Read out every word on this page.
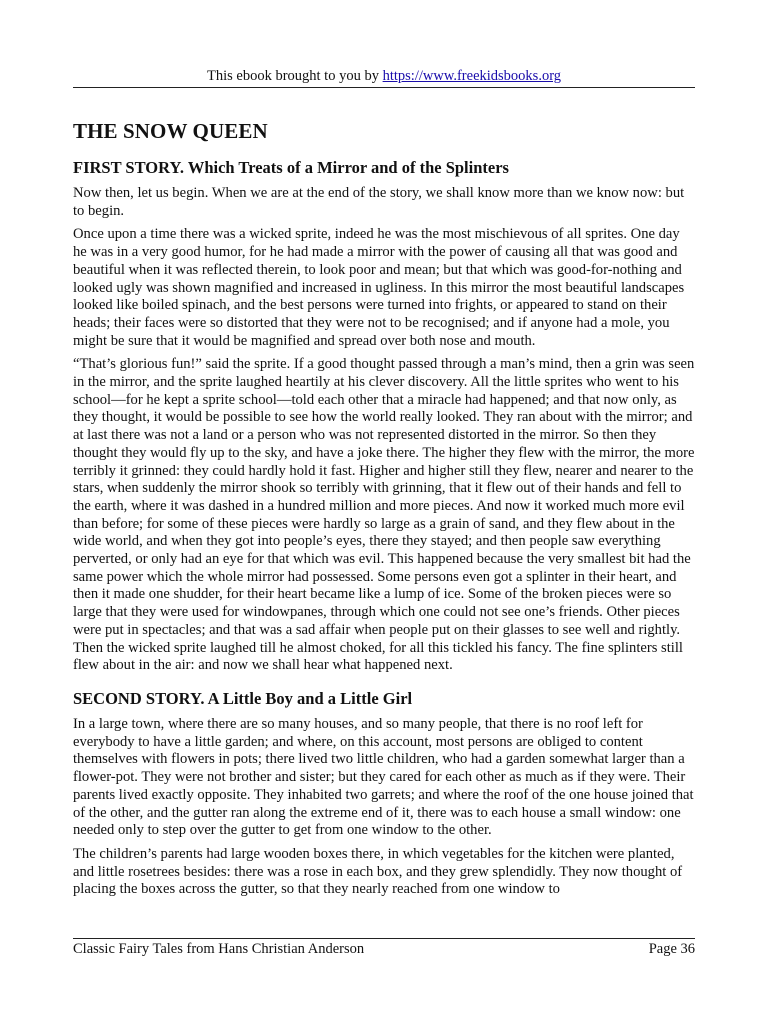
This ebook brought to you by https://www.freekidsbooks.org
THE SNOW QUEEN
FIRST STORY. Which Treats of a Mirror and of the Splinters

Now then, let us begin. When we are at the end of the story, we shall know more than we know now: but to begin.

Once upon a time there was a wicked sprite, indeed he was the most mischievous of all sprites. One day he was in a very good humor, for he had made a mirror with the power of causing all that was good and beautiful when it was reflected therein, to look poor and mean; but that which was good-for-nothing and looked ugly was shown magnified and increased in ugliness. In this mirror the most beautiful landscapes looked like boiled spinach, and the best persons were turned into frights, or appeared to stand on their heads; their faces were so distorted that they were not to be recognised; and if anyone had a mole, you might be sure that it would be magnified and spread over both nose and mouth.

“That’s glorious fun!” said the sprite. If a good thought passed through a man’s mind, then a grin was seen in the mirror, and the sprite laughed heartily at his clever discovery. All the little sprites who went to his school—for he kept a sprite school—told each other that a miracle had happened; and that now only, as they thought, it would be possible to see how the world really looked. They ran about with the mirror; and at last there was not a land or a person who was not represented distorted in the mirror. So then they thought they would fly up to the sky, and have a joke there. The higher they flew with the mirror, the more terribly it grinned: they could hardly hold it fast. Higher and higher still they flew, nearer and nearer to the stars, when suddenly the mirror shook so terribly with grinning, that it flew out of their hands and fell to the earth, where it was dashed in a hundred million and more pieces. And now it worked much more evil than before; for some of these pieces were hardly so large as a grain of sand, and they flew about in the wide world, and when they got into people’s eyes, there they stayed; and then people saw everything perverted, or only had an eye for that which was evil. This happened because the very smallest bit had the same power which the whole mirror had possessed. Some persons even got a splinter in their heart, and then it made one shudder, for their heart became like a lump of ice. Some of the broken pieces were so large that they were used for windowpanes, through which one could not see one’s friends. Other pieces were put in spectacles; and that was a sad affair when people put on their glasses to see well and rightly. Then the wicked sprite laughed till he almost choked, for all this tickled his fancy. The fine splinters still flew about in the air: and now we shall hear what happened next.

SECOND STORY. A Little Boy and a Little Girl

In a large town, where there are so many houses, and so many people, that there is no roof left for everybody to have a little garden; and where, on this account, most persons are obliged to content themselves with flowers in pots; there lived two little children, who had a garden somewhat larger than a flower-pot. They were not brother and sister; but they cared for each other as much as if they were. Their parents lived exactly opposite. They inhabited two garrets; and where the roof of the one house joined that of the other, and the gutter ran along the extreme end of it, there was to each house a small window: one needed only to step over the gutter to get from one window to the other.

The children’s parents had large wooden boxes there, in which vegetables for the kitchen were planted, and little rosetrees besides: there was a rose in each box, and they grew splendidly. They now thought of placing the boxes across the gutter, so that they nearly reached from one window to

Classic Fairy Tales from Hans Christian Anderson	Page 36
